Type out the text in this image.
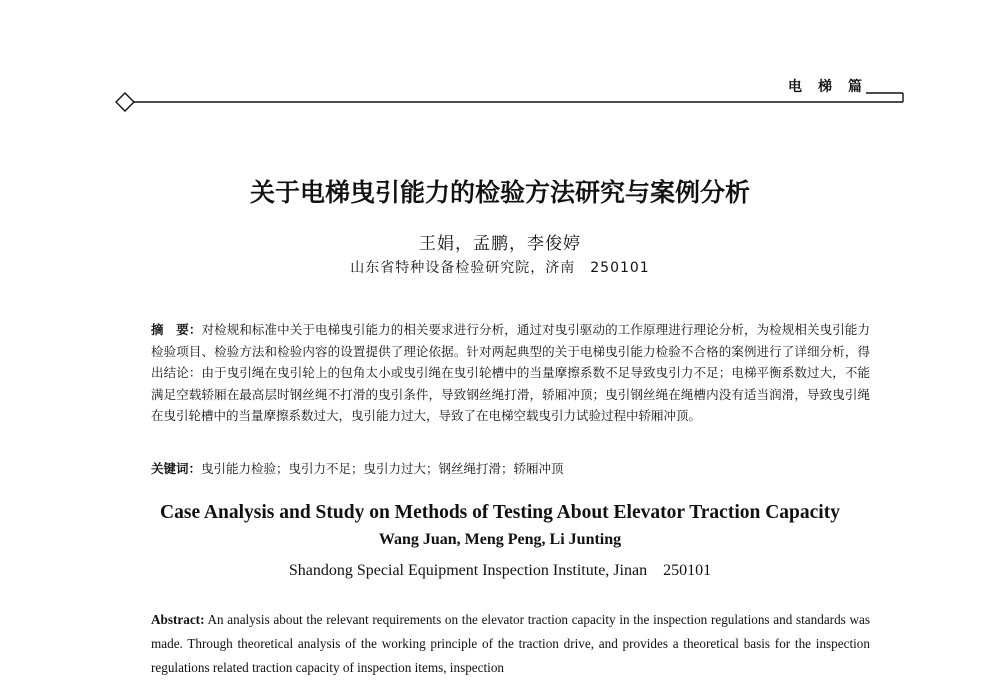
电梯篇
关于电梯曳引能力的检验方法研究与案例分析
王娟，孟鹏，李俊婷
山东省特种设备检验研究院，济南　250101
摘　要：对检规和标准中关于电梯曳引能力的相关要求进行分析，通过对曳引驱动的工作原理进行理论分析，为检规相关曳引能力检验项目、检验方法和检验内容的设置提供了理论依据。针对两起典型的关于电梯曳引能力检验不合格的案例进行了详细分析，得出结论：由于曳引绳在曳引轮上的包角太小或曳引绳在曳引轮槽中的当量摩擦系数不足导致曳引力不足；电梯平衡系数过大，不能满足空载轿厢在最高层时钢丝绳不打滑的曳引条件，导致钢丝绳打滑，轿厢冲顶；曳引钢丝绳在绳槽内没有适当润滑，导致曳引绳在曳引轮槽中的当量摩擦系数过大，曳引能力过大，导致了在电梯空载曳引力试验过程中轿厢冲顶。
关键词：曳引能力检验；曳引力不足；曳引力过大；钢丝绳打滑；轿厢冲顶
Case Analysis and Study on Methods of Testing About Elevator Traction Capacity
Wang Juan, Meng Peng, Li Junting
Shandong Special Equipment Inspection Institute, Jinan　250101
Abstract: An analysis about the relevant requirements on the elevator traction capacity in the inspection regulations and standards was made. Through theoretical analysis of the working principle of the traction drive, and provides a theoretical basis for the inspection regulations related traction capacity of inspection items, inspection
